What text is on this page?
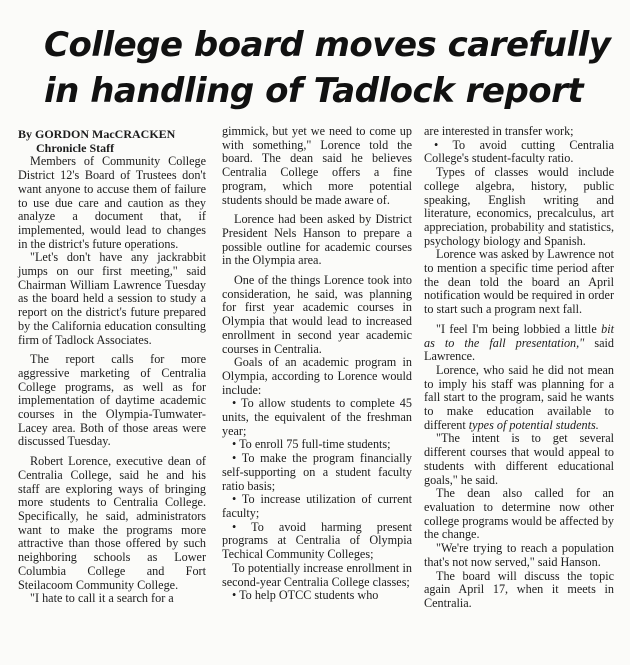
College board moves carefully
in handling of Tadlock report

By GORDON MacCRACKEN
Chronicle Staff

Members of Community College District 12's Board of Trustees don't want anyone to accuse them of failure to use due care and caution as they analyze a document that, if implemented, would lead to changes in the district's future operations.

"Let's don't have any jackrabbit jumps on our first meeting," said Chairman William Lawrence Tuesday as the board held a session to study a report on the district's future prepared by the California education consulting firm of Tadlock Associates.

The report calls for more aggressive marketing of Centralia College programs, as well as for implementation of daytime academic courses in the Olympia-Tumwater-Lacey area. Both of those areas were discussed Tuesday.

Robert Lorence, executive dean of Centralia College, said he and his staff are exploring ways of bringing more students to Centralia College. Specifically, he said, administrators want to make the programs more attractive than those offered by such neighboring schools as Lower Columbia College and Fort Steilacoom Community College.

"I hate to call it a search for a

gimmick, but yet we need to come up with something," Lorence told the board. The dean said he believes Centralia College offers a fine program, which more potential students should be made aware of.

Lorence had been asked by District President Nels Hanson to prepare a possible outline for academic courses in the Olympia area.

One of the things Lorence took into consideration, he said, was planning for first year academic courses in Olympia that would lead to increased enrollment in second year academic courses in Centralia.

Goals of an academic program in Olympia, according to Lorence would include:

• To allow students to complete 45 units, the equivalent of the freshman year;

• To enroll 75 full-time students;

• To make the program financially self-supporting on a student faculty ratio basis;

• To increase utilization of current faculty;

• To avoid harming present programs at Centralia of Olympia Techical Community Colleges;

To potentially increase enrollment in second-year Centralia College classes;

• To help OTCC students who

are interested in transfer work;

• To avoid cutting Centralia College's student-faculty ratio.

Types of classes would include college algebra, history, public speaking, English writing and literature, economics, precalculus, art appreciation, probability and statistics, psychology biology and Spanish.

Lorence was asked by Lawrence not to mention a specific time period after the dean told the board an April notification would be required in order to start such a program next fall.

"I feel I'm being lobbied a little bit as to the fall presentation," said Lawrence.

Lorence, who said he did not mean to imply his staff was planning for a fall start to the program, said he wants to make education available to different types of potential students.

"The intent is to get several different courses that would appeal to students with different educational goals," he said.

The dean also called for an evaluation to determine now other college programs would be affected by the change.

"We're trying to reach a population that's not now served," said Hanson.

The board will discuss the topic again April 17, when it meets in Centralia.
